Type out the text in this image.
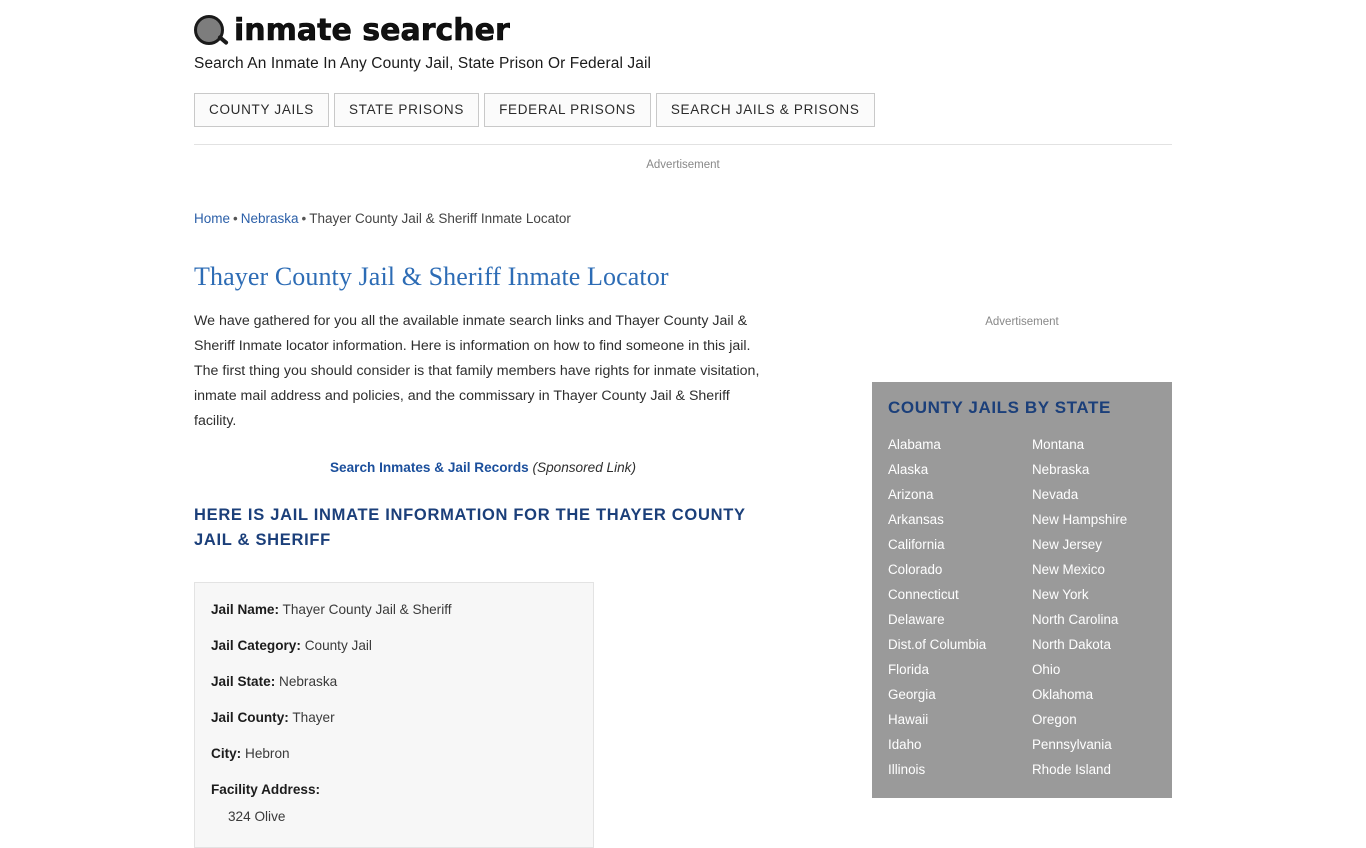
inmate searcher
Search An Inmate In Any County Jail, State Prison Or Federal Jail
COUNTY JAILS	STATE PRISONS	FEDERAL PRISONS	SEARCH JAILS & PRISONS
Advertisement
Home • Nebraska • Thayer County Jail & Sheriff Inmate Locator
Thayer County Jail & Sheriff Inmate Locator

We have gathered for you all the available inmate search links and Thayer County Jail & Sheriff Inmate locator information. Here is information on how to find someone in this jail. The first thing you should consider is that family members have rights for inmate visitation, inmate mail address and policies, and the commissary in Thayer County Jail & Sheriff facility.

Search Inmates & Jail Records (Sponsored Link)
HERE IS JAIL INMATE INFORMATION FOR THE THAYER COUNTY JAIL & SHERIFF
Jail Name: Thayer County Jail & Sheriff
Jail Category: County Jail
Jail State: Nebraska
Jail County: Thayer
City: Hebron
Facility Address:
324 Olive
Advertisement
COUNTY JAILS BY STATE
Alabama
Alaska
Arizona
Arkansas
California
Colorado
Connecticut
Delaware
Dist.of Columbia
Florida
Georgia
Hawaii
Idaho
Illinois
Montana
Nebraska
Nevada
New Hampshire
New Jersey
New Mexico
New York
North Carolina
North Dakota
Ohio
Oklahoma
Oregon
Pennsylvania
Rhode Island
